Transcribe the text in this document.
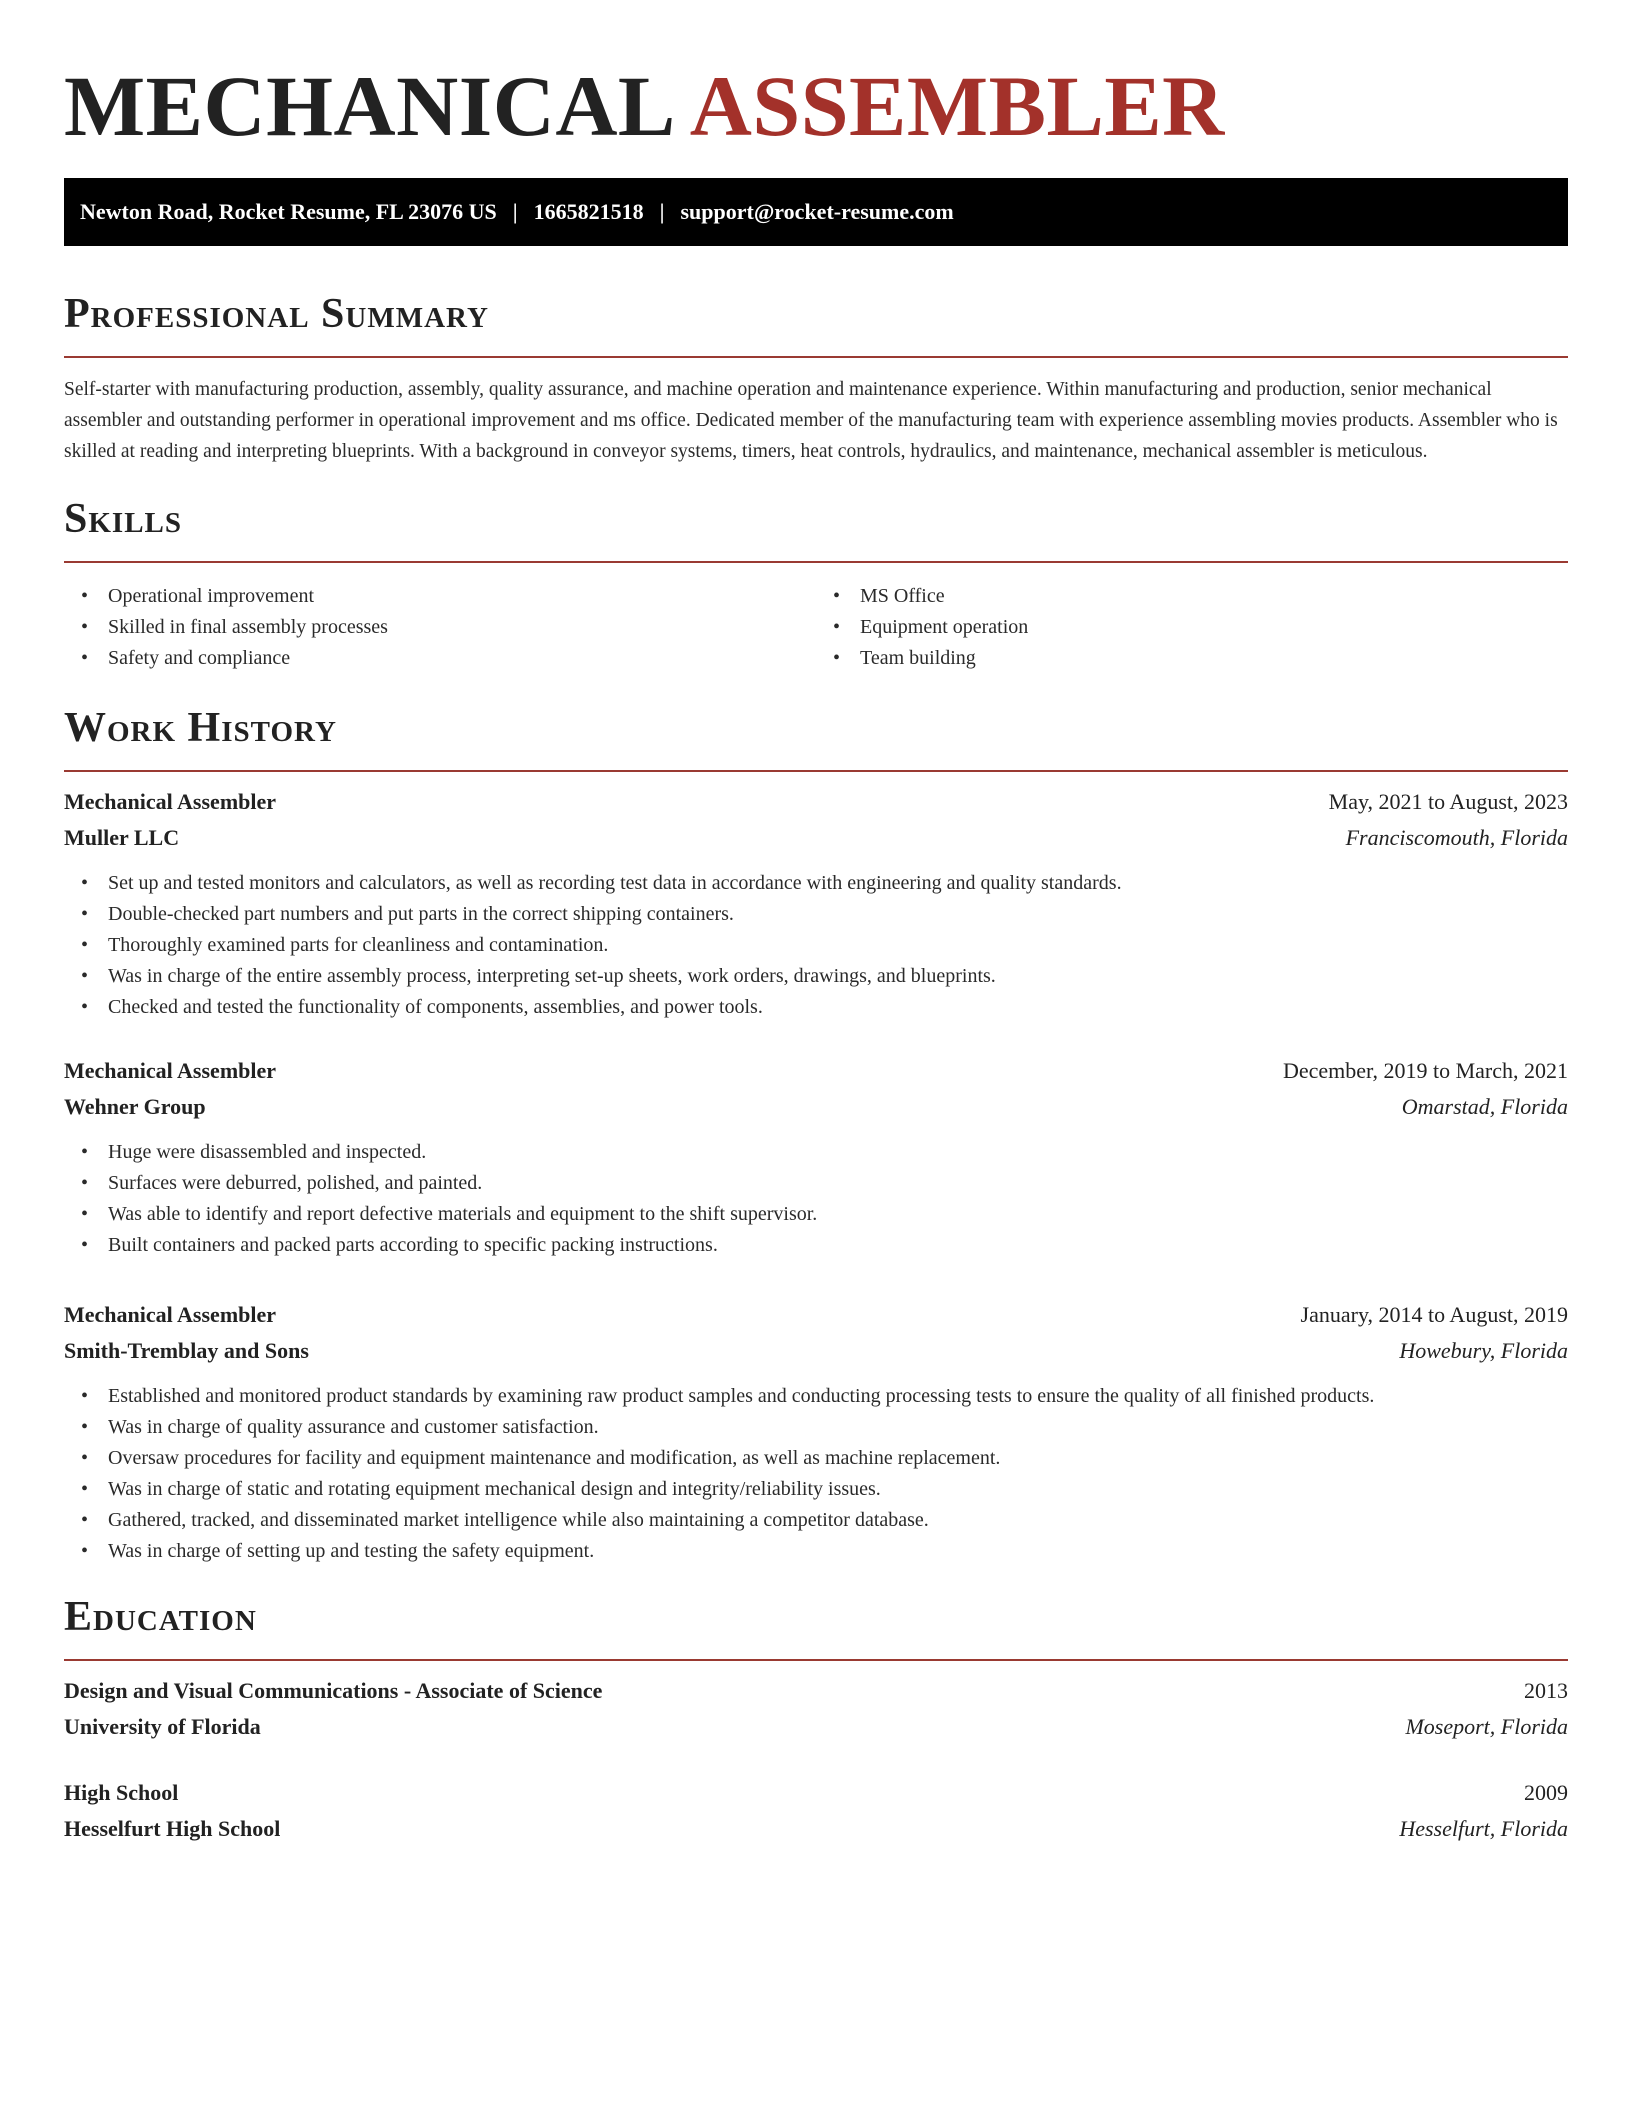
MECHANICAL ASSEMBLER
Newton Road, Rocket Resume, FL 23076 US | 1665821518 | support@rocket-resume.com
Professional Summary

Self-starter with manufacturing production, assembly, quality assurance, and machine operation and maintenance experience. Within manufacturing and production, senior mechanical assembler and outstanding performer in operational improvement and ms office. Dedicated member of the manufacturing team with experience assembling movies products. Assembler who is skilled at reading and interpreting blueprints. With a background in conveyor systems, timers, heat controls, hydraulics, and maintenance, mechanical assembler is meticulous.

Skills
• Operational improvement
• Skilled in final assembly processes
• Safety and compliance
• MS Office
• Equipment operation
• Team building
Work History
Mechanical Assembler	May, 2021 to August, 2023
Muller LLC	Franciscomouth, Florida
• Set up and tested monitors and calculators, as well as recording test data in accordance with engineering and quality standards.
• Double-checked part numbers and put parts in the correct shipping containers.
• Thoroughly examined parts for cleanliness and contamination.
• Was in charge of the entire assembly process, interpreting set-up sheets, work orders, drawings, and blueprints.
• Checked and tested the functionality of components, assemblies, and power tools.
Mechanical Assembler	December, 2019 to March, 2021
Wehner Group	Omarstad, Florida
• Huge were disassembled and inspected.
• Surfaces were deburred, polished, and painted.
• Was able to identify and report defective materials and equipment to the shift supervisor.
• Built containers and packed parts according to specific packing instructions.
Mechanical Assembler	January, 2014 to August, 2019
Smith-Tremblay and Sons	Howebury, Florida
• Established and monitored product standards by examining raw product samples and conducting processing tests to ensure the quality of all finished products.
• Was in charge of quality assurance and customer satisfaction.
• Oversaw procedures for facility and equipment maintenance and modification, as well as machine replacement.
• Was in charge of static and rotating equipment mechanical design and integrity/reliability issues.
• Gathered, tracked, and disseminated market intelligence while also maintaining a competitor database.
• Was in charge of setting up and testing the safety equipment.
Education
Design and Visual Communications - Associate of Science	2013
University of Florida	Moseport, Florida
High School	2009
Hesselfurt High School	Hesselfurt, Florida
